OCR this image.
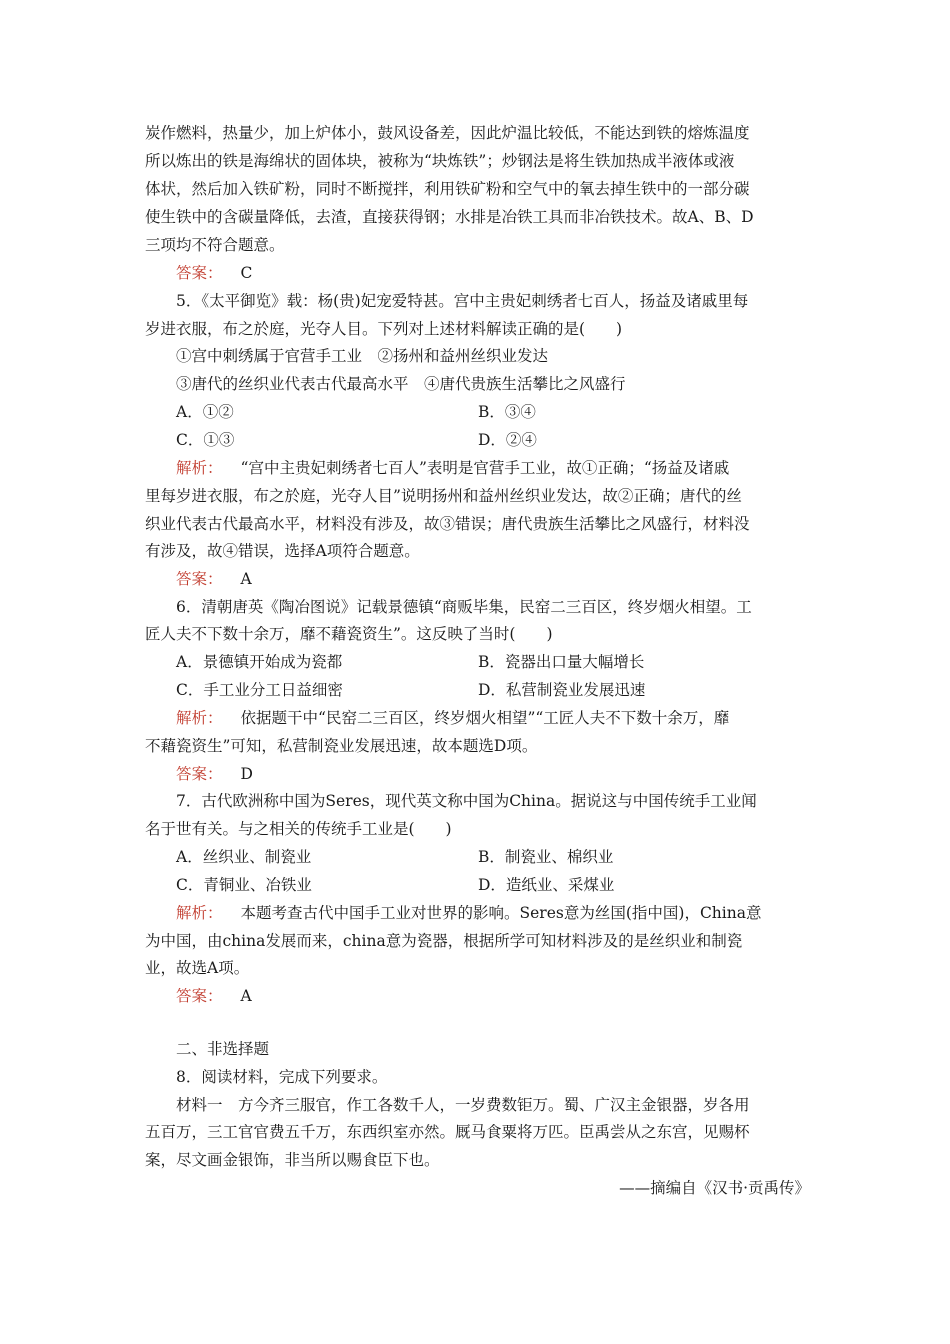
炭作燃料，热量少，加上炉体小，鼓风设备差，因此炉温比较低，不能达到铁的熔炼温度
所以炼出的铁是海绵状的固体块，被称为“块炼铁”；炒钢法是将生铁加热成半液体或液
体状，然后加入铁矿粉，同时不断搅拌，利用铁矿粉和空气中的氧去掉生铁中的一部分碳
使生铁中的含碳量降低，去渣，直接获得钢；水排是冶铁工具而非冶铁技术。故A、B、D
三项均不符合题意。
答案： C
5．《太平御览》载：杨(贵)妃宠爱特甚。宫中主贵妃刺绣者七百人，扬益及诸戚里每
岁进衣服，布之於庭，光夺人目。下列对上述材料解读正确的是(　　)
①宫中刺绣属于官营手工业　②扬州和益州丝织业发达
③唐代的丝织业代表古代最高水平　④唐代贵族生活攀比之风盛行
A．①②	B．③④
C．①③	D．②④
解析： “宫中主贵妃刺绣者七百人”表明是官营手工业，故①正确；“扬益及诸戚
里每岁进衣服，布之於庭，光夺人目”说明扬州和益州丝织业发达，故②正确；唐代的丝
织业代表古代最高水平，材料没有涉及，故③错误；唐代贵族生活攀比之风盛行，材料没
有涉及，故④错误，选择A项符合题意。
答案： A
6．清朝唐英《陶冶图说》记载景德镇“商贩毕集，民窑二三百区，终岁烟火相望。工
匠人夫不下数十余万，靡不藉瓷资生”。这反映了当时(　　)
A．景德镇开始成为瓷都	B．瓷器出口量大幅增长
C．手工业分工日益细密	D．私营制瓷业发展迅速
解析： 依据题干中“民窑二三百区，终岁烟火相望”“工匠人夫不下数十余万，靡
不藉瓷资生”可知，私营制瓷业发展迅速，故本题选D项。
答案： D
7．古代欧洲称中国为Seres，现代英文称中国为China。据说这与中国传统手工业闻
名于世有关。与之相关的传统手工业是(　　)
A．丝织业、制瓷业	B．制瓷业、棉织业
C．青铜业、冶铁业	D．造纸业、采煤业
解析： 本题考查古代中国手工业对世界的影响。Seres意为丝国(指中国)，China意
为中国，由china发展而来，china意为瓷器，根据所学可知材料涉及的是丝织业和制瓷
业，故选A项。
答案： A
二、非选择题
8．阅读材料，完成下列要求。
材料一　方今齐三服官，作工各数千人，一岁费数钜万。蜀、广汉主金银器，岁各用
五百万，三工官官费五千万，东西织室亦然。厩马食粟将万匹。臣禹尝从之东宫，见赐杯
案，尽文画金银饰，非当所以赐食臣下也。
——摘编自《汉书·贡禹传》
